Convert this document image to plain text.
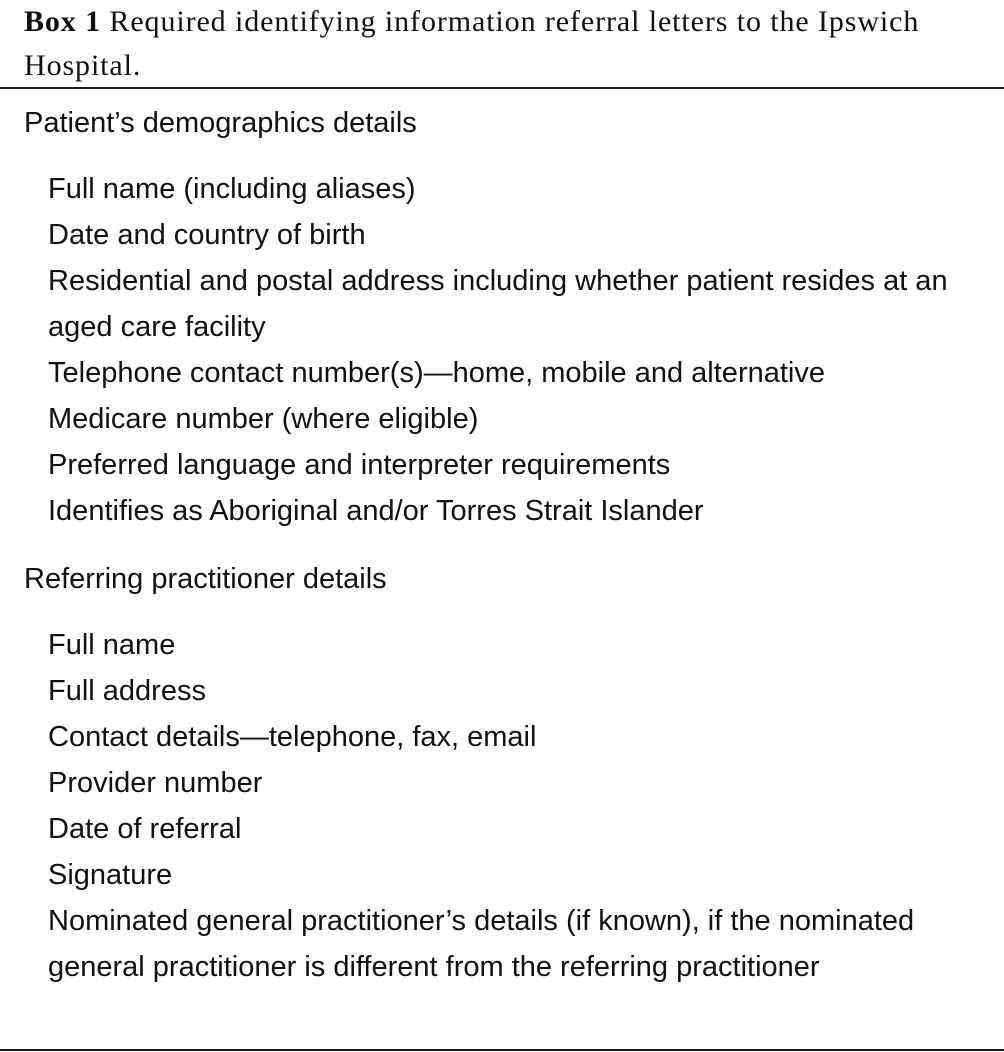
Box 1 Required identifying information referral letters to the Ipswich Hospital.
Patient’s demographics details
Full name (including aliases)
Date and country of birth
Residential and postal address including whether patient resides at an aged care facility
Telephone contact number(s)—home, mobile and alternative
Medicare number (where eligible)
Preferred language and interpreter requirements
Identifies as Aboriginal and/or Torres Strait Islander
Referring practitioner details
Full name
Full address
Contact details—telephone, fax, email
Provider number
Date of referral
Signature
Nominated general practitioner’s details (if known), if the nominated general practitioner is different from the referring practitioner
